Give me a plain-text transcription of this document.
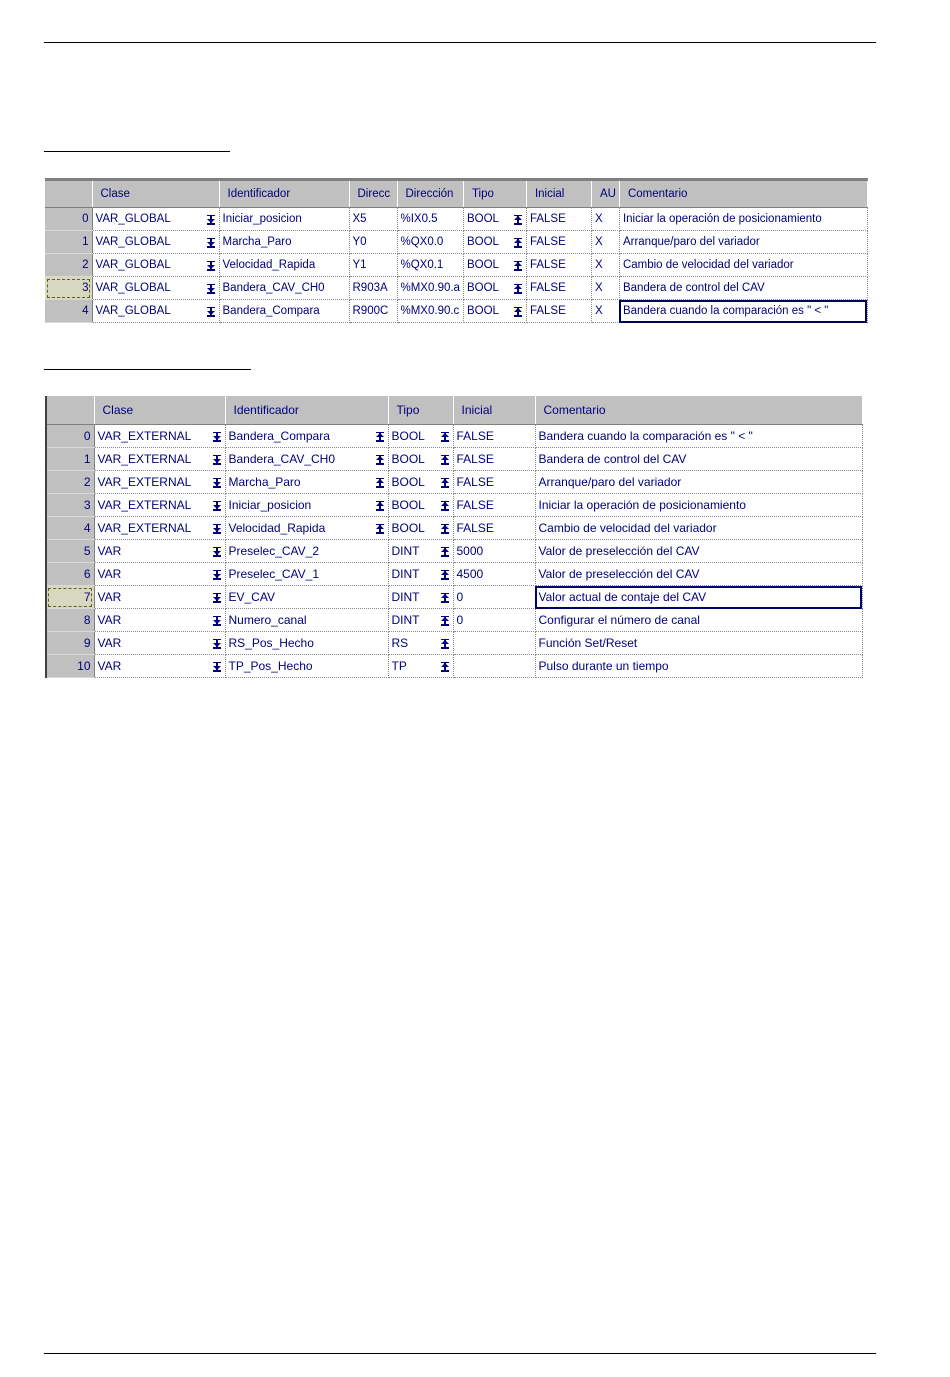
	Clase	Identificador	Direcc	Dirección	Tipo	Inicial	AU	Comentario
0	VAR_GLOBAL	Iniciar_posicion	X5	%IX0.5	BOOL	FALSE	X	Iniciar la operación de posicionamiento
1	VAR_GLOBAL	Marcha_Paro	Y0	%QX0.0	BOOL	FALSE	X	Arranque/paro del variador
2	VAR_GLOBAL	Velocidad_Rapida	Y1	%QX0.1	BOOL	FALSE	X	Cambio de velocidad del variador
3	VAR_GLOBAL	Bandera_CAV_CH0	R903A	%MX0.90.a	BOOL	FALSE	X	Bandera de control del CAV
4	VAR_GLOBAL	Bandera_Compara	R900C	%MX0.90.c	BOOL	FALSE	X	Bandera cuando la comparación es " < "
	Clase	Identificador	Tipo	Inicial	Comentario
0	VAR_EXTERNAL	Bandera_Compara	BOOL	FALSE	Bandera cuando la comparación es " < "
1	VAR_EXTERNAL	Bandera_CAV_CH0	BOOL	FALSE	Bandera de control del CAV
2	VAR_EXTERNAL	Marcha_Paro	BOOL	FALSE	Arranque/paro del variador
3	VAR_EXTERNAL	Iniciar_posicion	BOOL	FALSE	Iniciar la operación de posicionamiento
4	VAR_EXTERNAL	Velocidad_Rapida	BOOL	FALSE	Cambio de velocidad del variador
5	VAR	Preselec_CAV_2	DINT	5000	Valor de preselección del CAV
6	VAR	Preselec_CAV_1	DINT	4500	Valor de preselección del CAV
7	VAR	EV_CAV	DINT	0	Valor actual de contaje del CAV
8	VAR	Numero_canal	DINT	0	Configurar el número de canal
9	VAR	RS_Pos_Hecho	RS		Función Set/Reset
10	VAR	TP_Pos_Hecho	TP		Pulso durante un tiempo
